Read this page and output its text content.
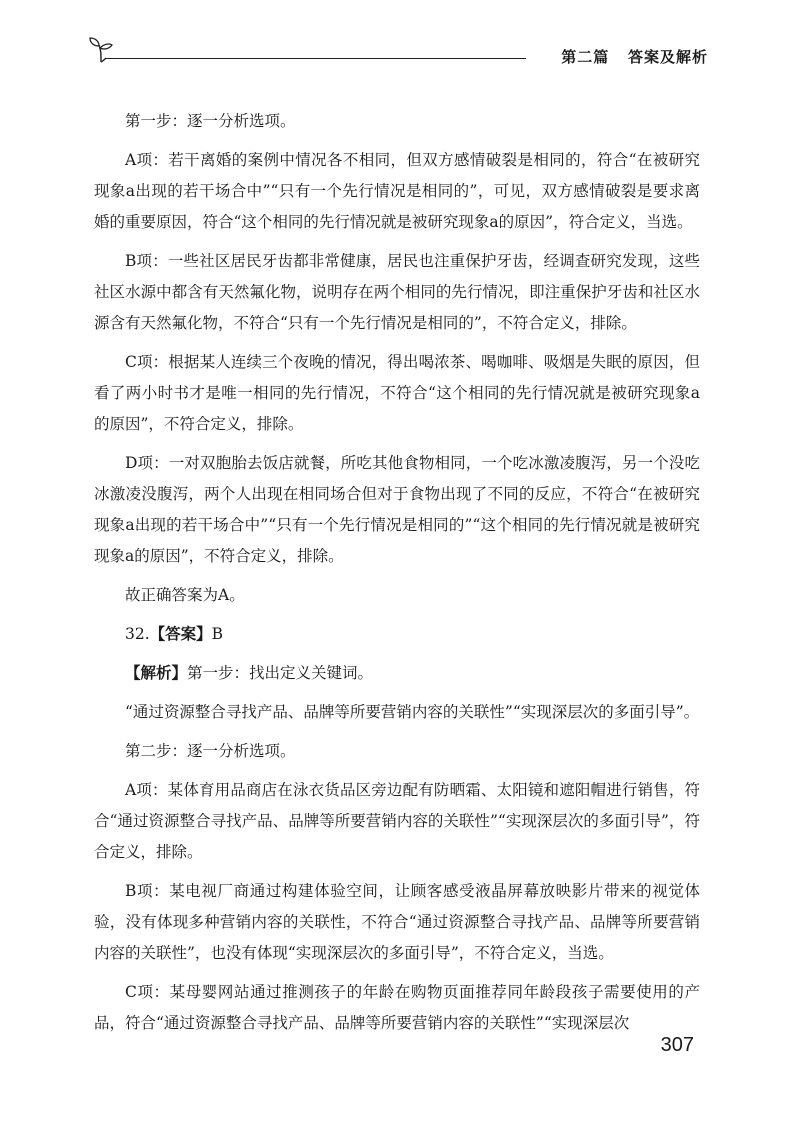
第二篇 答案及解析

第一步：逐一分析选项。

A项：若干离婚的案例中情况各不相同，但双方感情破裂是相同的，符合“在被研究现象a出现的若干场合中”“只有一个先行情况是相同的”，可见，双方感情破裂是要求离婚的重要原因，符合“这个相同的先行情况就是被研究现象a的原因”，符合定义，当选。

B项：一些社区居民牙齿都非常健康，居民也注重保护牙齿，经调查研究发现，这些社区水源中都含有天然氟化物，说明存在两个相同的先行情况，即注重保护牙齿和社区水源含有天然氟化物，不符合“只有一个先行情况是相同的”，不符合定义，排除。

C项：根据某人连续三个夜晚的情况，得出喝浓茶、喝咖啡、吸烟是失眠的原因，但看了两小时书才是唯一相同的先行情况，不符合“这个相同的先行情况就是被研究现象a的原因”，不符合定义，排除。

D项：一对双胞胎去饭店就餐，所吃其他食物相同，一个吃冰激凌腹泻，另一个没吃冰激凌没腹泻，两个人出现在相同场合但对于食物出现了不同的反应，不符合“在被研究现象a出现的若干场合中”“只有一个先行情况是相同的”“这个相同的先行情况就是被研究现象a的原因”，不符合定义，排除。

故正确答案为A。

32.【答案】B

【解析】第一步：找出定义关键词。

“通过资源整合寻找产品、品牌等所要营销内容的关联性”“实现深层次的多面引导”。

第二步：逐一分析选项。

A项：某体育用品商店在泳衣货品区旁边配有防晒霜、太阳镜和遮阳帽进行销售，符合“通过资源整合寻找产品、品牌等所要营销内容的关联性”“实现深层次的多面引导”，符合定义，排除。

B项：某电视厂商通过构建体验空间，让顾客感受液晶屏幕放映影片带来的视觉体验，没有体现多种营销内容的关联性，不符合“通过资源整合寻找产品、品牌等所要营销内容的关联性”，也没有体现“实现深层次的多面引导”，不符合定义，当选。

C项：某母婴网站通过推测孩子的年龄在购物页面推荐同年龄段孩子需要使用的产品，符合“通过资源整合寻找产品、品牌等所要营销内容的关联性”“实现深层次

307
